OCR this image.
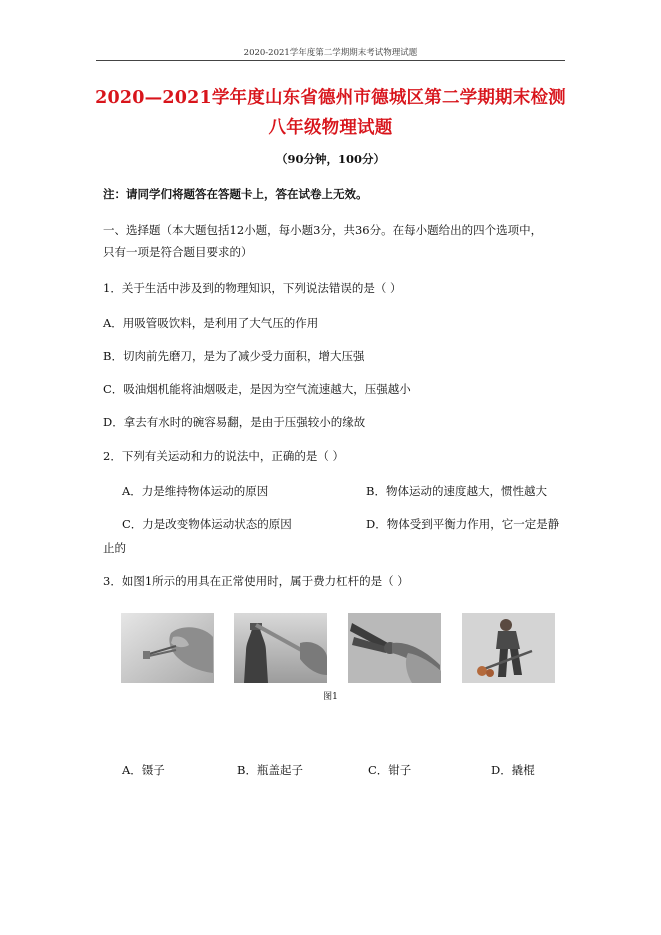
2020-2021学年度第二学期期末考试物理试题
2020—2021学年度山东省德州市德城区第二学期期末检测
八年级物理试题
（90分钟，100分）
注：请同学们将题答在答题卡上，答在试卷上无效。
一、选择题（本大题包括12小题，每小题3分，共36分。在每小题给出的四个选项中，
只有一项是符合题目要求的）
1．关于生活中涉及到的物理知识，下列说法错误的是（ ）
A．用吸管吸饮料，是利用了大气压的作用
B．切肉前先磨刀，是为了减少受力面积，增大压强
C．吸油烟机能将油烟吸走，是因为空气流速越大，压强越小
D．拿去有水时的碗容易翻，是由于压强较小的缘故
2．下列有关运动和力的说法中，正确的是（ ）
A．力是维持物体运动的原因	B．物体运动的速度越大，惯性越大
C．力是改变物体运动状态的原因	D．物体受到平衡力作用，它一定是静
止的
3．如图1所示的用具在正常使用时，属于费力杠杆的是（ ）
图1
A．镊子	B．瓶盖起子	C．钳子	D．撬棍
